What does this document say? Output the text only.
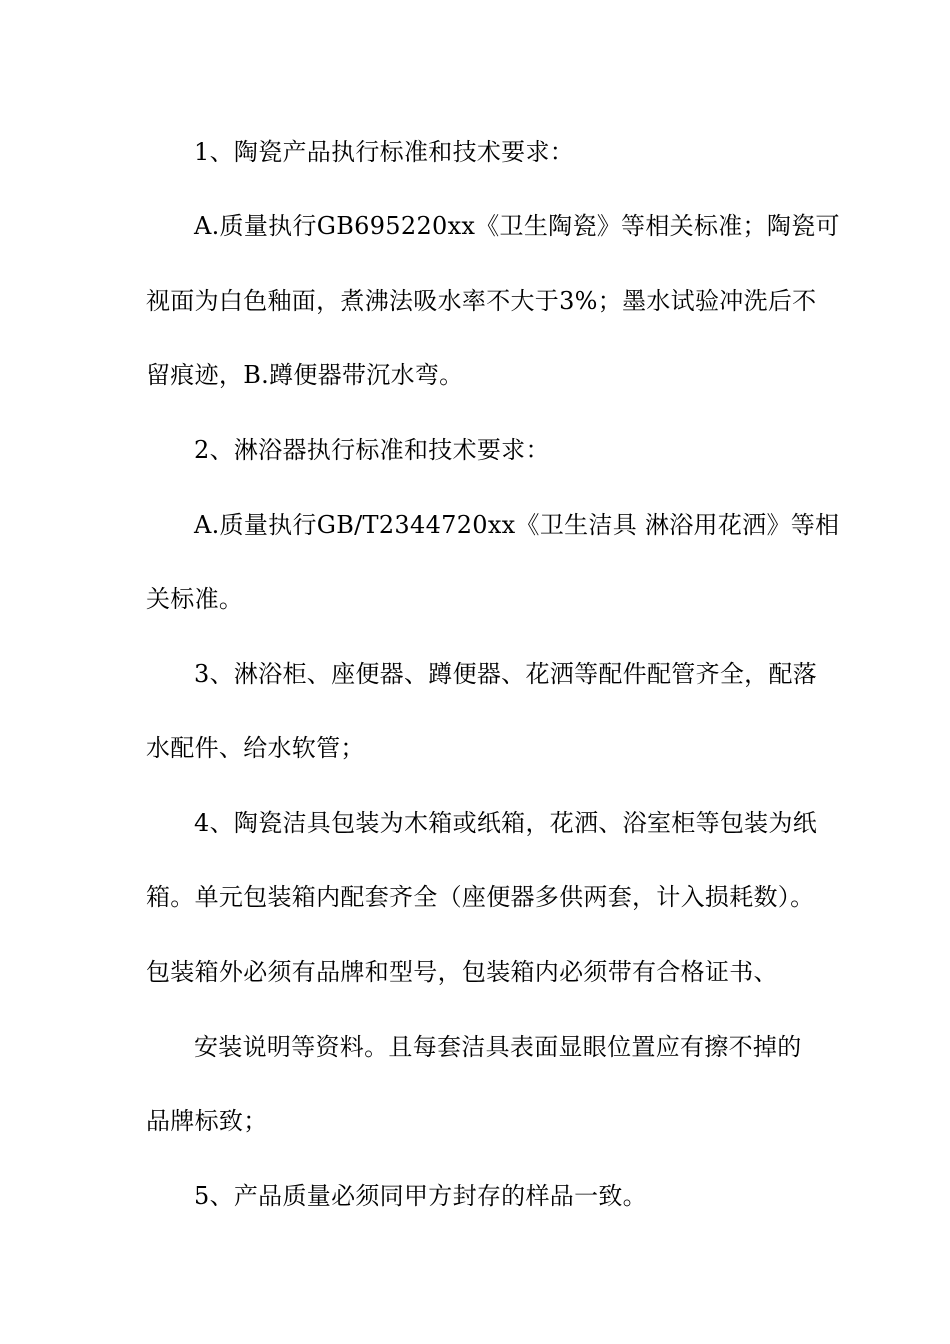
1、陶瓷产品执行标准和技术要求：
A.质量执行GB695220xx《卫生陶瓷》等相关标准；陶瓷可
视面为白色釉面，煮沸法吸水率不大于3%；墨水试验冲洗后不
留痕迹，B.蹲便器带沉水弯。
2、淋浴器执行标准和技术要求：
A.质量执行GB/T2344720xx《卫生洁具 淋浴用花洒》等相
关标准。
3、淋浴柜、座便器、蹲便器、花洒等配件配管齐全，配落
水配件、给水软管；
4、陶瓷洁具包装为木箱或纸箱，花洒、浴室柜等包装为纸
箱。单元包装箱内配套齐全（座便器多供两套，计入损耗数）。
包装箱外必须有品牌和型号，包装箱内必须带有合格证书、
安装说明等资料。且每套洁具表面显眼位置应有擦不掉的
品牌标致；
5、产品质量必须同甲方封存的样品一致。
